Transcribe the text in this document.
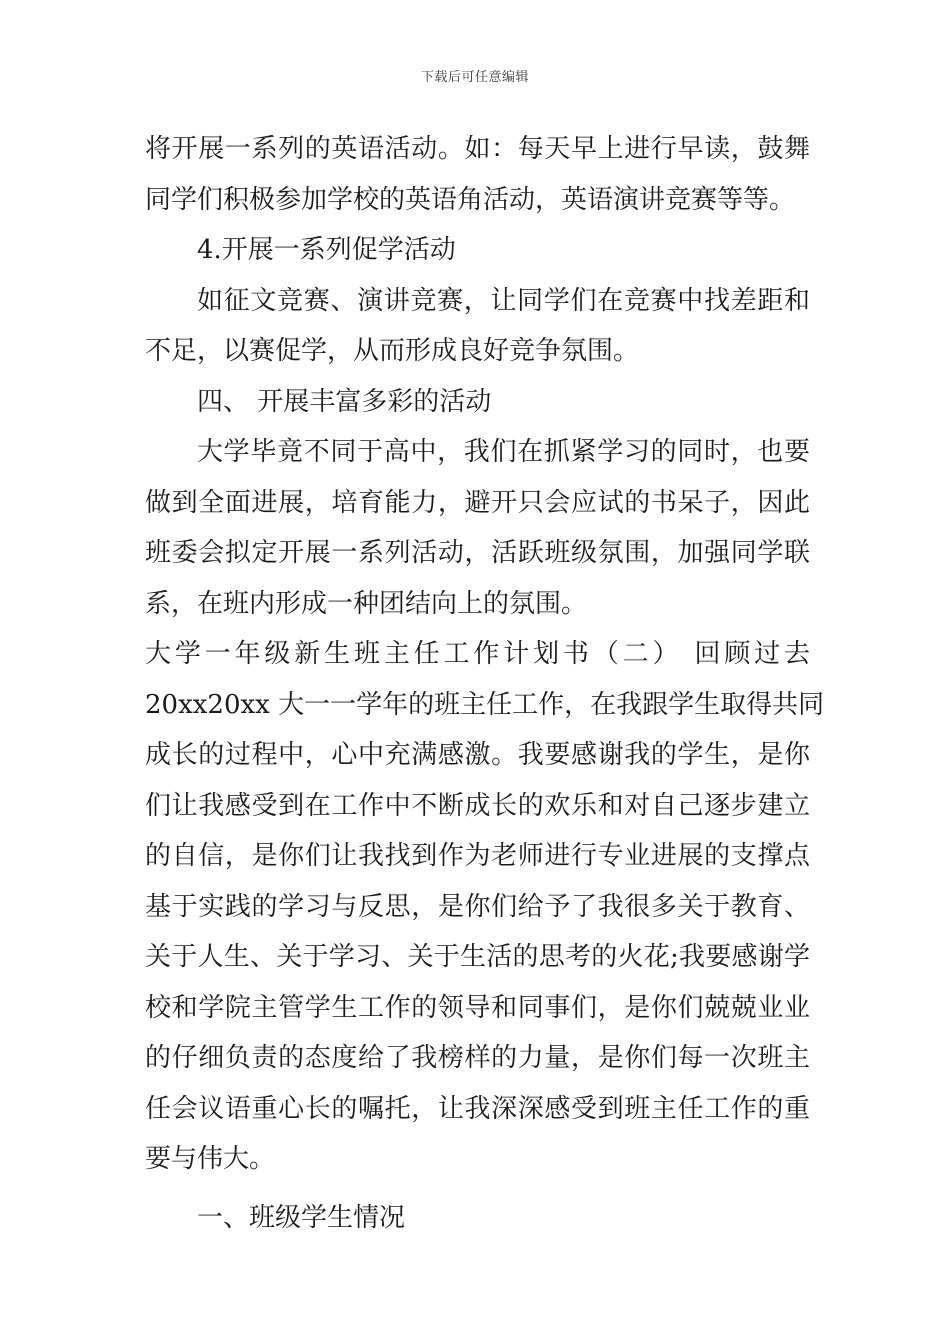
下载后可任意编辑
将开展一系列的英语活动。如：每天早上进行早读，鼓舞
同学们积极参加学校的英语角活动，英语演讲竞赛等等。
4.开展一系列促学活动
如征文竞赛、演讲竞赛，让同学们在竞赛中找差距和
不足，以赛促学，从而形成良好竞争氛围。
四、 开展丰富多彩的活动
大学毕竟不同于高中，我们在抓紧学习的同时，也要
做到全面进展，培育能力，避开只会应试的书呆子，因此
班委会拟定开展一系列活动，活跃班级氛围，加强同学联
系，在班内形成一种团结向上的氛围。
大学一年级新生班主任工作计划书（二） 回顾过去
20xx20xx 大一一学年的班主任工作，在我跟学生取得共同
成长的过程中，心中充满感激。我要感谢我的学生，是你
们让我感受到在工作中不断成长的欢乐和对自己逐步建立
的自信，是你们让我找到作为老师进行专业进展的支撑点
基于实践的学习与反思，是你们给予了我很多关于教育、
关于人生、关于学习、关于生活的思考的火花;我要感谢学
校和学院主管学生工作的领导和同事们，是你们兢兢业业
的仔细负责的态度给了我榜样的力量，是你们每一次班主
任会议语重心长的嘱托，让我深深感受到班主任工作的重
要与伟大。
一、班级学生情况
